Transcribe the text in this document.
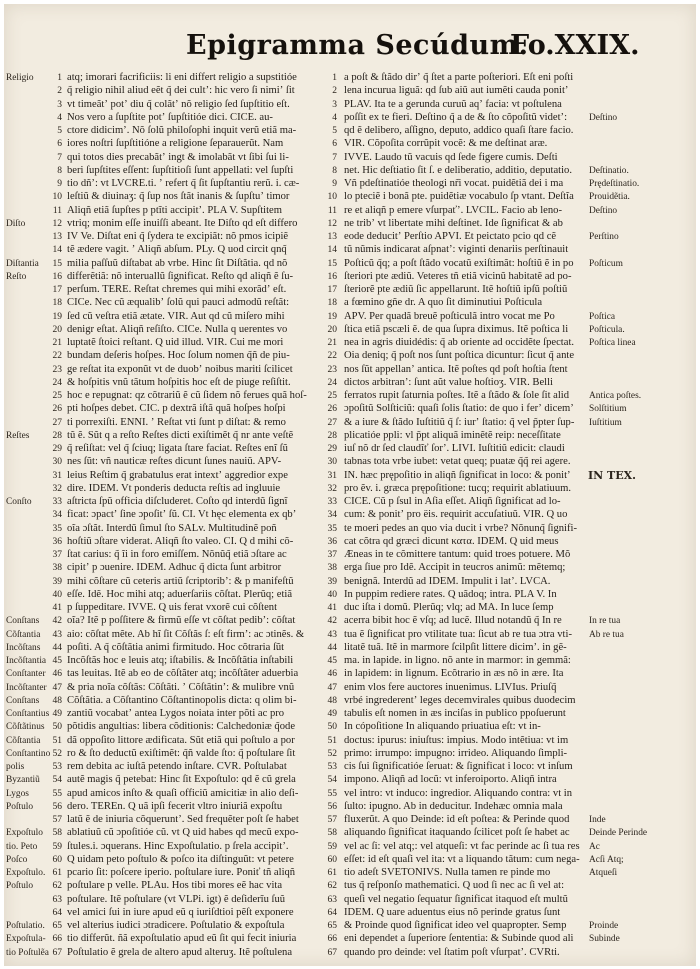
Epigramma Secúdum.
Fo.XXIX.
Religio
Diſto
Diſtantia
Reſto
Reſtes
Conſto
Conſtans
Cõſtantia
Incõſtans
Incõſtantia
Conſtanter
Incõſtanter
Conſtans
Conſtantius
Cõſtãtinus
Cõſtantia
Conſtantino
polis
Byzantiũ
Lygos
Poſtulo
Expoſtulo
tio. Peto
Poſco
Expoſtulo.
Poſtulo
Poſtulatio.
Expoſtula-
tio Poſtulẽa
1
2
3
4
5
6
7
8
9
10
11
12
13
14
15
16
17
18
19
20
21
22
23
24
25
26
27
28
29
30
31
32
33
34
35
36
37
38
39
40
41
42
43
44
45
46
47
48
49
50
51
52
53
54
55
56
57
58
59
60
61
62
63
64
65
66
67
atq; imorari facrificiis: li eni differt religio a supstitióe
q̃ religio nihil aliud eẽt q̃ dei cultʼ: hic vero ſi nimiʼ ſit
vt timeãtʼ potʼ diu q̃ colãtʼ nõ religio ſed ſupſtitio eſt.
Nos vero a ſupſtite potʼ ſupſtitióe dici. CICE. au-
ctore didicimʼ. Nõ ſolũ philoſophi inquit verũ etiã ma-
iores noſtri ſupſtitióne a religione ſeparauerũt. Nam
qui totos dies precabãtʼ ingt & imolabãt vt ſibi ſui li-
beri ſupſtites eſſent: ſupſtitioſi ſunt appellati: vel ſupſti
tio dñʼ: vt LVCRE.ti. ʼ refert q̃ ſit ſupſtantiu rerũ. i. cæ-
leſtiũ & diuinaʒ: q̃ ſup nos ſtãt inanis & ſupſtuʼ timor
Aliqñ etiã ſupſtes p ptĩti accipitʼ. PLA V. Supſtitem
vtriq; monim eſſe inuiſſi abeant. Ite Diſto qd eſt differo
IV Ve. Diſtat eni q̃ ſydera te excipiãt: nõ pmos icipiẽ
tẽ ædere vagit. ʼ Aliqñ abſum. PLy. Q uod circit qnq̃
milia paſſuũ diſtabat ab vrbe. Hinc ſit Diſtãtia. qd nõ
differẽtiã: nõ interuallũ ſignificat. Reſto qd aliqñ ẽ ſu-
perſum. TERE. Reſtat chremes qui mihi exorãdʼ eſt.
CICe. Nec cũ æqualibʼ ſolũ qui pauci admodũ reſtãt:
ſed cũ veſtra etiã ætate. VIR. Aut qd cũ miſero mihi
denigr eſtat. Aliqñ reſiſto. CICe. Nulla q uerentes vo
luptatẽ ſtoici reſtant. Q uid illud. VIR. Cui me mori
bundam deſeris hoſpes. Hoc ſolum nomen q̃ñ de piu-
ge reſtat ita exponũt vt de duobʼ noibus mariti ſcilicet
& hoſpitis vnũ tãtum hoſpitis hoc eſt de piuge reſiſtit.
hoc e repugnat: qz cõtrariũ ẽ cũ ſidem nõ ferues quã hoſ-
pti hoſpes debet. CIC. p dextrã iſtã quã hoſpes hoſpi
ti porrexiſti. ENNI. ʼ Reſtat vti ſunt p diſtat: & remo
tũ ẽ. Sũt q a reſto Reſtes dicti exiſtimẽt q̃ nr ante veſtẽ
q̃ reſiſtat: vel q̃ ſciuq; ligata ſtare faciat. Reſtes enĩ ſũ
nes ſũt: vñ nauticæ reſtes dicunt ſunes nauiũ. APV-
leius Reſtim q̃ grabatulus erat intextʼ aggredior expe
dire. IDEM. Vt ponderis deducta reſtis ad ingluuie
aſtricta ſpũ officia diſcluderet. Coſto qd interdũ ſignĩ
ficat: ɔpactʼ ſine ɔpoſitʼ ſũ. CI. Vt hęc elementa ex qbʼ
oĩa ɔſtãt. Interdũ ſimul ſto SALv. Multitudinẽ poñ
hoſtiũ ɔſtare viderat. Aliqñ ſto valeo. CI. Q d mihi cõ-
ſtat carius: q̃ ĩi in foro emiſſem. Nõnũq̃ etiã ɔſtare ac
cipitʼ p ɔuenire. IDEM. Adhuc q̃ dicta ſunt arbitror
mihi cõſtare cũ ceteris artiũ ſcriptoribʼ: & p manifeſtũ
eſſe. Idẽ. Hoc mihi atq; aduerſariis cõſtat. Plerũq; etiã
p ſuppeditare. IVVE. Q uis ferat vxorẽ cui cõſtent
oĩa? Itẽ p poſſitere & firmũ eſſe vt cõſtat pedibʼ: cõſtat
aio: cõſtat mẽte. Ab hĩ ſit Cõſtãs ſ: eſt firmʼ: ac ɔtinẽs. &
poſiti. A q̃ cõſtãtia animi firmitudo. Hoc cõtraria ſũt
Incõſtãs hoc e leuis atq; iſtabilis. & Incõſtãtia inſtabili
tas leuitas. Itẽ ab eo de cõſtãter atq; incõſtãter aduerbia
& pria noĩa cõſtãs: Cõſtãti. ʼ Cõſtãtinʼ: & mulibre vnũ
Cõſtãtia. a Cõſtantino Cõſtantinopolis dicta: q olim bi-
zantiũ vocabatʼ antea Lygos noiata inter põti ac pro
põtidis angultias: libera cõditionis: Calchedoniæ q̃ode
dã oppoſito littore ædificata. Sũt etiã qui poſtulo a por
ro & ſto deductũ exiſtimẽt: q̃ñ valde ſto: q̃ poſtulare ſit
rem debita ac iuſtã petendo inſtare. CVR. Poſtulabat
autẽ magis q̃ petebat: Hinc ſit Expoſtulo: qd ẽ cũ grela
apud amicos inſto & quaſi officiũ amicitiæ in alio deſi-
dero. TEREn. Q uã ipſi fecerit vltro iniuriã expoſtu
latũ ẽ de iniuria cõqueruntʼ. Sed frequẽter poſt ſe habet
ablatiuũ cũ ɔpoſitióe cũ. vt Q uid habes qd mecũ expo-
ſtules.i. ɔquerans. Hinc Expoſtulatio. p ſrela accipitʼ.
Q uidam peto poſtulo & poſco ita diſtinguũt: vt petere
pcario ſit: poſcere iperio. poſtulare iure. Poniť tñ aliqñ
poſtulare p velle. PLAu. Hos tibi mores eẽ hac vita
poſtulare. Itẽ poſtulare (vt VLPi. igt) ẽ deſiderĩu ſuũ
vel amici ſui in iure apud eũ q iuriſdtioi pẽſt exponere
vel alterius iudici ɔtradicere. Poſtulatio & expoſtula
tio differũt. ñã expoſtulatio apud eũ ſit qui fecit iniuria
Poſtulatio ẽ grela de altero apud alteruʒ. Itẽ poſtulena
1
2
3
4
5
6
7
8
9
10
11
12
13
14
15
16
17
18
19
20
21
22
23
24
25
26
27
28
29
30
31
32
33
34
35
36
37
38
39
40
41
42
43
44
45
46
47
48
49
50
51
52
53
54
55
56
57
58
59
60
61
62
63
64
65
66
67
a poſt & ſtãdo dirʼ q̃ ſtet a parte poſteriori. Eſt eni poſti
lena incurua liguã: qd ſub aiũ aut iumẽti cauda ponitʼ
PLAV. Ita te a gerunda curuũ aqʼ facia: vt poſtulena
poſſit ex te fieri. Deſtino q̃ a de & ſto cõpoſitũ videtʼ:
qd ẽ delibero, aſſigno, deputo, addico quaſi ſtare facio.
VIR. Cõpoſita corrũpit vocẽ: & me deſtinat aræ.
IVVE. Laudo tũ vacuis qd ſede figere cumis. Deſti
net. Hic deſtiatio ſit ſ. e deliberatio, additio, deputatio.
Vñ pdeſtinatióe theologi nr̃i vocat. puidẽtiã dei i ma
lo pteciẽ i bonã pte. puidẽtiæ vocabulo ſp vtant. Deſtĩa
re et aliqñ p emere vſurpaťʼ. LVCIL. Facio ab leno-
ne tribʼ vt libertate mihi deſtinet. Ide ſignificat & ab
eode deducitʼ Perſtio APVI. Et peictato pcio qd cẽ
tũ nũmis indicarat aſpnatʼ: viginti denariis perſtinauit
Poſticũ q̃q; a poſt ſtãdo vocatũ exiſtimãt: hoſtiũ ẽ in po
ſteriori pte ædiũ. Veteres tñ etiã vicinũ habitatẽ ad po-
ſteriorẽ pte ædiũ ſic appellarunt. Itẽ hoſtiũ ipſũ poſtiũ
a fœmino gñe dr. A quo ſit diminutiui Poſticula
APV. Per quadã breuẽ poſticulã intro vocat me Po
ſtica etiã pscæli ẽ. de qua ſupra diximus. Itẽ poſtica li
nea in agris diuidédis: q̃ ab oriente ad occidẽte ſpectat.
Oia deniq; q̃ poſt nos ſunt poſtica dicuntur: ſicut q̃ ante
nos ſũt appellanʼ antica. Itẽ poſtes qd poſt hoſtia ſtent
dictos arbitranʼ: ſunt aũt value hoſtioʒ. VIR. Belli
ferratos rupit ſaturnia poſtes. Itẽ a ſtãdo & ſole ſit alid
ɔpoſitũ Solſticiũ: quaſi ſolis ſtatio: de quo i ferʼ dicemʼ
& a iure & ſtãdo Iuſtitiũ q̃ ſ: iurʼ ſtatio: q̃ vel p̃pter ſup-
plicatióe ppli: vl p̃pt aliquã iminẽtẽ reip: neceſſitate
iuſ nõ dr ſed claudĩť ſorʼ. LIVI. Iuſtitiũ edicit: claudi
tabnas tota vrbe iubet: vetat queq; puatæ q̃q̃ rei agere.
IN. hæc prępoſitio in aliqñ ſignificat in loco: & ponitʼ
pro ẽv. i. græca prępoſitione: tucq; requirit ablatiuum.
CICE. Cũ p ſsul in Aſia eſſet. Aliqñ ſignificat ad lo-
cum: & ponitʼ pro ëis. requirit accuſatiuũ. VIR. Q uo
te moeri pedes an quo via ducit i vrbe? Nõnunq̃ ſignifi-
cat cõtra qd græci dicunt κατα. IDEM. Q uid meus
Æneas in te cõmittere tantum: quid troes potuere. Mõ
erga ſiue pro Idẽ. Accipit in teucros animũ: mẽtemq;
benignã. Interdũ ad IDEM. Impulit i latʼ. LVCA.
In puppim rediere rates. Q uãdoq; intra. PLA V. In
duc iſta i domũ. Plerũq; vlq; ad MA. In luce ſemp
acerra bibit hoc ẽ vſq; ad lucẽ. Illud notandũ q̃ In re
tua ẽ ſignificat pro vtilitate tua: ſicut ab re tua ɔtra vti-
litatẽ tuã. Itẽ in marmore ſcilpſit littere dicimʼ. in gẽ-
ma. in lapide. in ligno. nõ ante in marmor: in gemmã:
in lapidem: in lignum. Ecõtrario in æs nõ in ære. Ita
enim vlos fere auctores inuenimus. LIVIus. Priuſq̃
vrbé ingrederentʼ leges decemvirales quibus duodecim
tabulis eſt nomen in æs inciſas in publico ppoſuerunt
In cópoſitione In aliquando priuatiua eſt: vt in-
doctus: ipurus: iniuſtus: impius. Modo intẽtiua: vt im
primo: irrumpo: impugno: irrideo. Aliquando ſimpli-
cis ſui ſignificatióe ſeruat: & ſignificat i loco: vt inſum
impono. Aliqñ ad locũ: vt inferoiporto. Aliqñ intra
vel intro: vt induco: ingredior. Aliquando contra: vt in
ſulto: ipugno. Ab in deducitur. Indehæc omnia mala
fluxerũt. A quo Deinde: id eſt poſtea: & Perinde quod
aliquando ſignificat itaquando ſcilicet poſt ſe habet ac
vel ac ſi: vel atq;: vel atqueſi: vt fac perinde ac ſi tua res
eſſet: id eſt quaſi vel ita: vt a liquando tãtum: cum nega-
tio adeſt SVETONIVS. Nulla tamen re pinde mo
tus q̃ reſponſo mathematici. Q uod ſi nec ac ſi vel at:
queſi vel negatio ſequatur ſignificat itaquod eſt multũ
IDEM. Q uare aduentus eius nõ perinde gratus ſunt
& Proinde quod ſignificat ideo vel quapropter. Semp
eni dependet a ſuperiore ſententia: & Subinde quod ali
quando pro deinde: vel ſtatim poſt vſurpatʼ. CVRti.
Deſtino
Deſtinatio.
Prędeſtinatio.
Prouidẽtia.
Deſtino
Perſtino
Poſticum
Poſtica
Poſticula.
Poſtica linea
Antica poſtes.
Solſtitium
Iuſtitium
In re tua
Ab re tua
Inde
Deinde Perinde
Ac
Acſi Atq;
Atqueſi
Proinde
Subinde
IN TEX.
